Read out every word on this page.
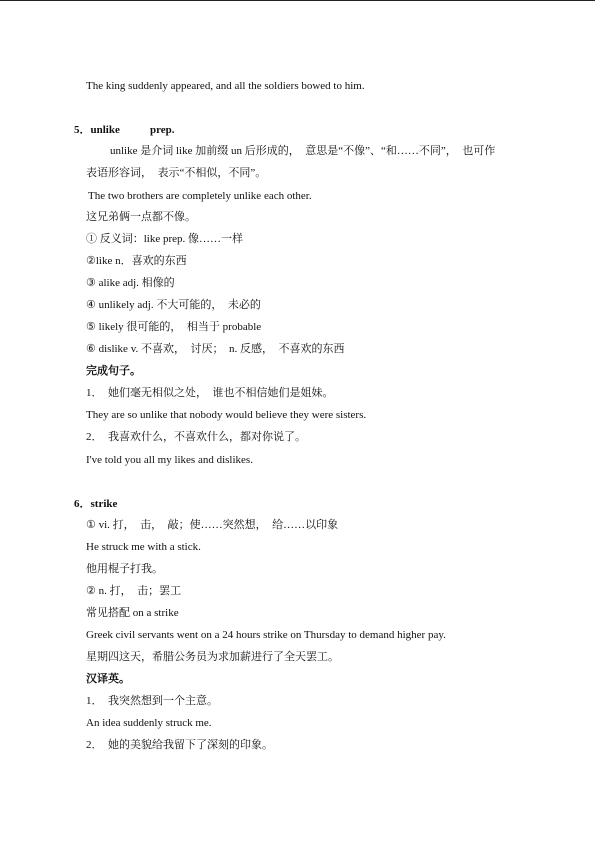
The king suddenly appeared, and all the soldiers bowed to him.
5．unlike	prep.
unlike 是介词 like 加前缀 un 后形成的，　意思是“不像”、“和……不同”，　也可作
表语形容词，　表示“不相似，不同”。
The two brothers are completely unlike each other.
这兄弟俩一点都不像。
① 反义词：like prep. 像……一样
②like n．喜欢的东西
③ alike adj. 相像的
④ unlikely adj. 不大可能的，　未必的
⑤ likely 很可能的，　相当于 probable
⑥ dislike v. 不喜欢，　讨厌；　n. 反感，　不喜欢的东西
完成句子。
1．　她们毫无相似之处，　谁也不相信她们是姐妹。
They are so unlike that nobody would believe they were sisters.
2．　我喜欢什么，不喜欢什么，都对你说了。
I've told you all my likes and dislikes.
6．strike
① vi. 打，　击，　敲；使……突然想，　给……以印象
He struck me with a stick.
他用棍子打我。
② n. 打，　击；罢工
常见搭配 on a strike
Greek civil servants went on a 24 hours strike on Thursday to demand higher pay.
星期四这天，希腊公务员为求加薪进行了全天罢工。
汉译英。
1．　我突然想到一个主意。
An idea suddenly struck me.
2．　她的美貌给我留下了深刻的印象。
